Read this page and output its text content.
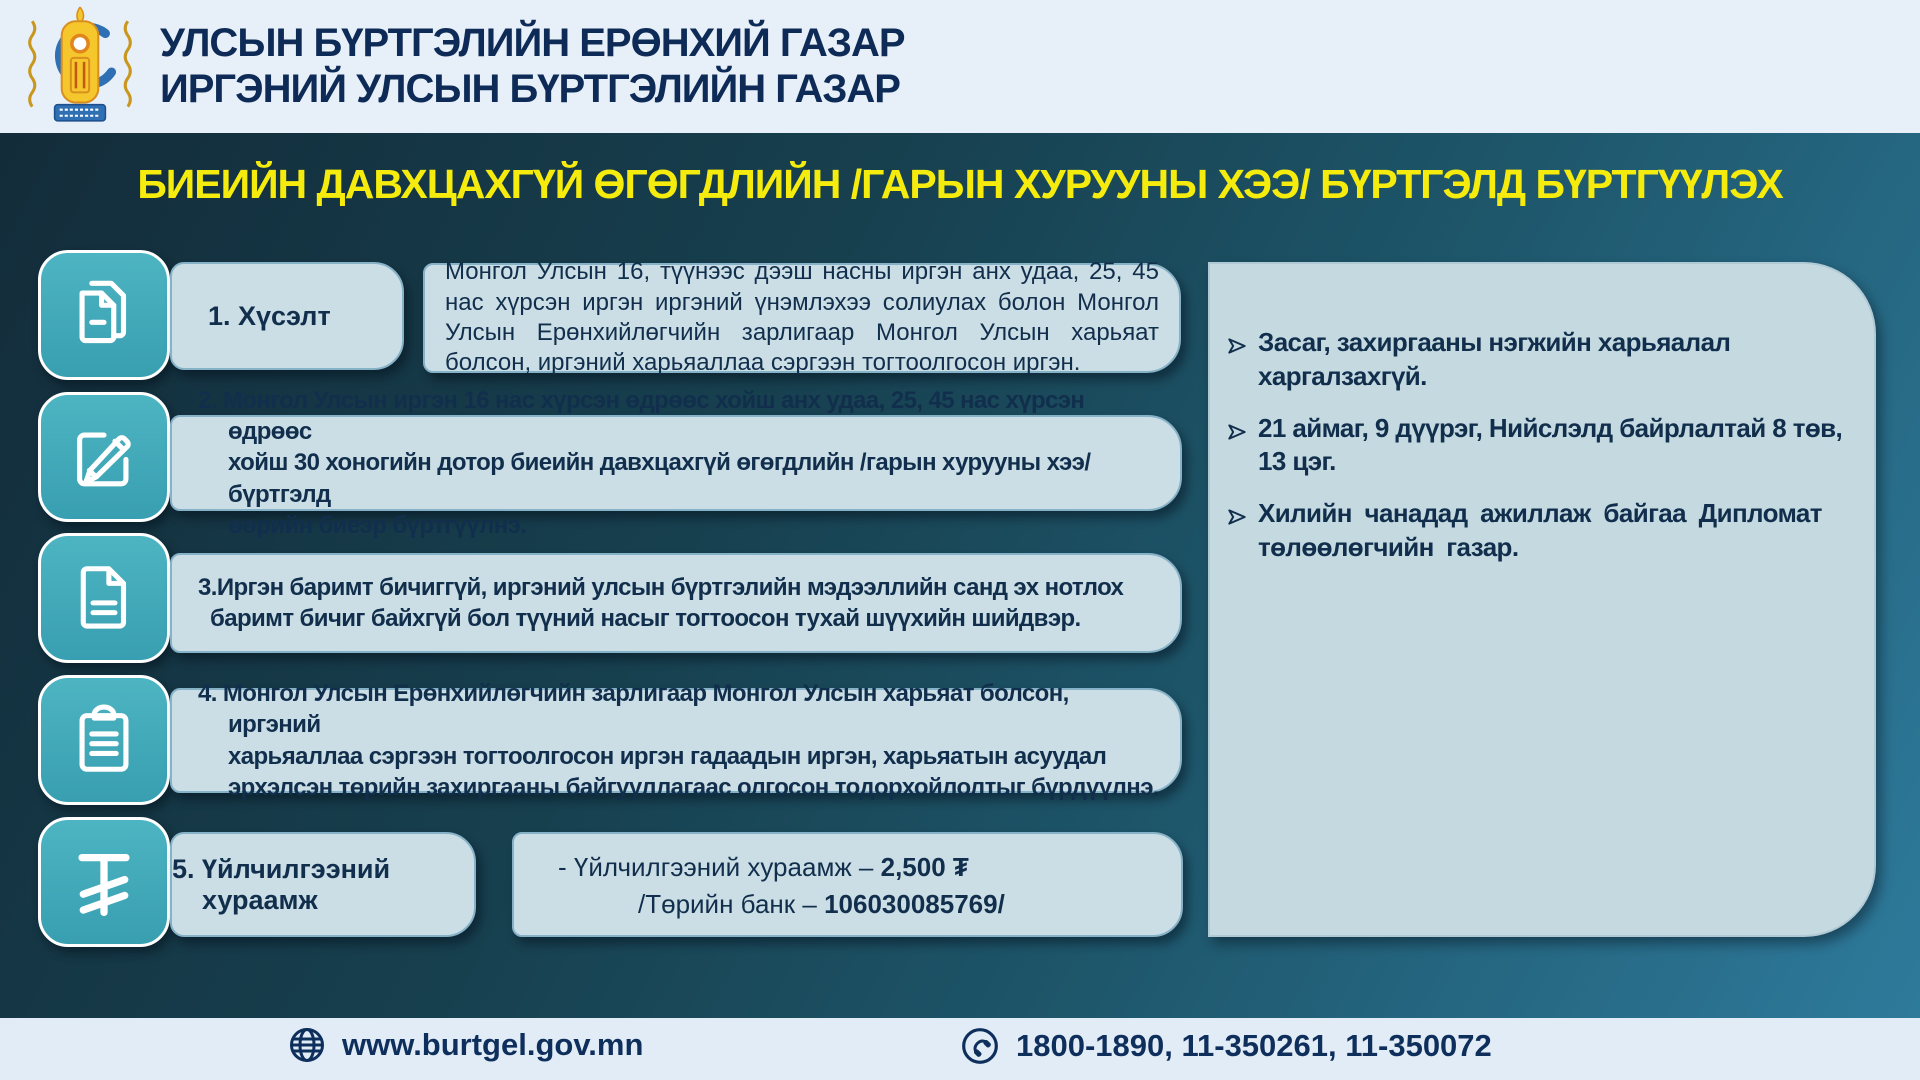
УЛСЫН БҮРТГЭЛИЙН ЕРӨНХИЙ ГАЗАР
ИРГЭНИЙ УЛСЫН БҮРТГЭЛИЙН ГАЗАР
БИЕИЙН ДАВХЦАХГҮЙ ӨГӨГДЛИЙН /ГАРЫН ХУРУУНЫ ХЭЭ/ БҮРТГЭЛД БҮРТГҮҮЛЭХ
1. Хүсэлт
Монгол Улсын 16, түүнээс дээш насны иргэн анх удаа, 25, 45 нас хүрсэн иргэн иргэний үнэмлэхээ солиулах болон Монгол Улсын Ерөнхийлөгчийн зарлигаар Монгол Улсын харьяат болсон, иргэний харьяаллаа сэргээн тогтоолгосон иргэн.
2. Монгол Улсын иргэн 16 нас хүрсэн өдрөөс хойш анх удаа, 25, 45 нас хүрсэн өдрөөс
хойш 30 хоногийн дотор биеийн давхцахгүй өгөгдлийн /гарын хурууны хээ/ бүртгэлд
өөрийн биеэр бүртгүүлнэ.
3.Иргэн баримт бичиггүй, иргэний улсын бүртгэлийн мэдээллийн санд эх нотлох
баримт бичиг байхгүй бол түүний насыг тогтоосон тухай шүүхийн шийдвэр.
4. Монгол Улсын Ерөнхийлөгчийн зарлигаар Монгол Улсын харьяат болсон, иргэний
харьяаллаа сэргээн тогтоолгосон иргэн гадаадын иргэн, харьяатын асуудал
эрхэлсэн төрийн захиргааны байгууллагаас олгосон тодорхойлолтыг бүрдүүлнэ.
5. Үйлчилгээний хураамж
- Үйлчилгээний хураамж – 2,500 ₮
/Төрийн банк – 106030085769/
Засаг, захиргааны нэгжийн харьяалал
харгалзахгүй.
21 аймаг, 9 дүүрэг, Нийслэлд байрлалтай 8 төв,
13 цэг.
Хилийн чанадад ажиллаж байгаа Дипломат
төлөөлөгчийн газар.
www.burtgel.gov.mn	1800-1890, 11-350261, 11-350072
